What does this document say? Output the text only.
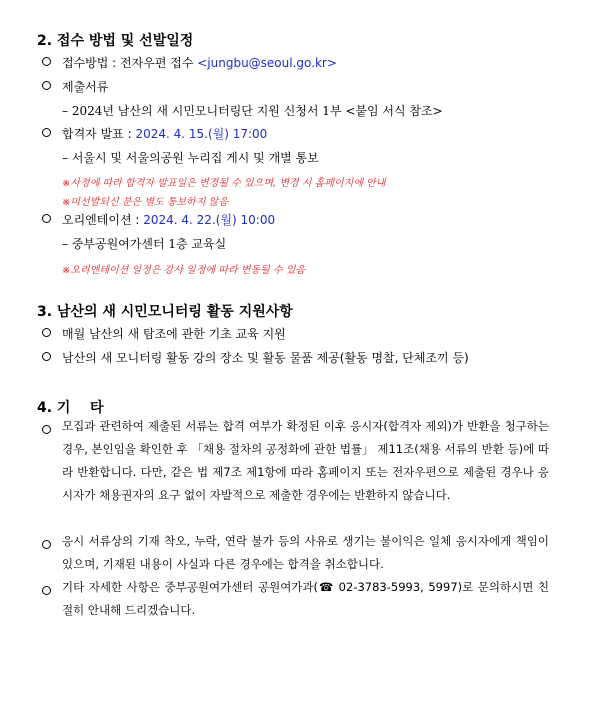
2. 접수 방법 및 선발일정
접수방법 : 전자우편 접수 <jungbu@seoul.go.kr>
제출서류
– 2024년 남산의 새 시민모니터링단 지원 신청서 1부 <붙임 서식 참조>
합격자 발표 : 2024. 4. 15.(월) 17:00
– 서울시 및 서울의공원 누리집 게시 및 개별 통보
※사정에 따라 합격자 발표일은 변경될 수 있으며, 변경 시 홈페이지에 안내
※미선발되신 분은 별도 통보하지 않음
오리엔테이션 : 2024. 4. 22.(월) 10:00
– 중부공원여가센터 1층 교육실
※오리엔테이션 일정은 강사 일정에 따라 변동될 수 있음
3. 남산의 새 시민모니터링 활동 지원사항
매월 남산의 새 탐조에 관한 기초 교육 지원
남산의 새 모니터링 활동 강의 장소 및 활동 물품 제공(활동 명찰, 단체조끼 등)
4. 기    타
모집과 관련하여 제출된 서류는 합격 여부가 확정된 이후 응시자(합격자 제외)가 반환을 청구하는 경우, 본인임을 확인한 후 「채용 절차의 공정화에 관한 법률」 제11조(채용 서류의 반환 등)에 따라 반환합니다. 다만, 같은 법 제7조 제1항에 따라 홈페이지 또는 전자우편으로 제출된 경우나 응시자가 채용권자의 요구 없이 자발적으로 제출한 경우에는 반환하지 않습니다.
응시 서류상의 기재 착오, 누락, 연락 불가 등의 사유로 생기는 불이익은 일체 응시자에게 책임이 있으며, 기재된 내용이 사실과 다른 경우에는 합격을 취소합니다.
기타 자세한 사항은 중부공원여가센터 공원여가과(☎ 02-3783-5993, 5997)로 문의하시면 친절히 안내해 드리겠습니다.
